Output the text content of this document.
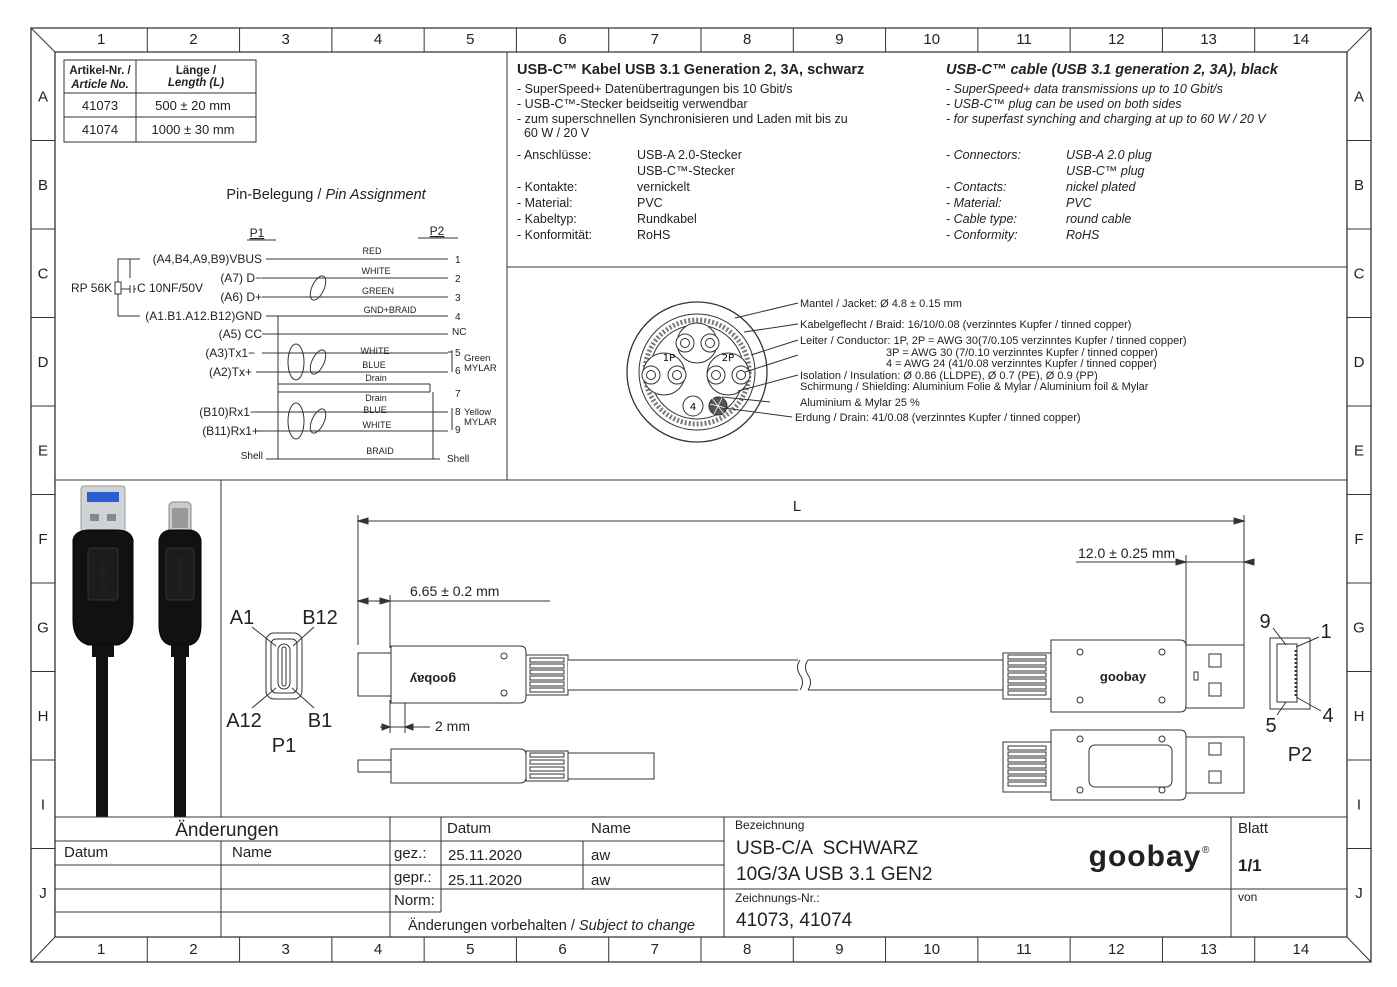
1
1
2
2
3
3
4
4
5
5
6
6
7
7
8
8
9
9
10
10
11
11
12
12
13
13
14
14
A	A
B	B
C	C
D	D
E	E
F	F
G	G
H	H
I	I
J	J
Artikel-Nr. /
Article No.
Länge /
Length (L)
41073	500 ± 20 mm
41074	1000 ± 30 mm
Pin-Belegung / Pin Assignment
P1	P2
(A4,B4,A9,B9)VBUS
(A7) D−
(A6) D+
(A1.B1.A12.B12)GND
(A5) CC
(A3)Tx1−
(A2)Tx+
(B10)Rx1−
(B11)Rx1+
Shell
RP 56K C 10NF/50V
RED
WHITE
GREEN
GND+BRAID
WHITE
BLUE
Drain
Drain
BLUE
WHITE
BRAID
1
2
3
4
NC
5
6
7
8
9
Shell
Green
MYLAR
Yellow
MYLAR
USB-C™ Kabel USB 3.1 Generation 2, 3A, schwarz
- SuperSpeed+ Datenübertragungen bis 10 Gbit/s
- USB-C™-Stecker beidseitig verwendbar
- zum superschnellen Synchronisieren und Laden mit bis zu
60 W / 20 V
- Anschlüsse:	USB-A 2.0-Stecker
USB-C™-Stecker
- Kontakte:	vernickelt
- Material:	PVC
- Kabeltyp:	Rundkabel
- Konformität:	RoHS
USB-C™ cable (USB 3.1 generation 2, 3A), black
- SuperSpeed+ data transmissions up to 10 Gbit/s
- USB-C™ plug can be used on both sides
- for superfast synching and charging at up to 60 W / 20 V
- Connectors:	USB-A 2.0 plug
USB-C™ plug
- Contacts:	nickel plated
- Material:	PVC
- Cable type:	round cable
- Conformity:	RoHS
1P	2P
4
Mantel / Jacket: Ø 4.8 ± 0.15 mm
Kabelgeflecht / Braid: 16/10/0.08 (verzinntes Kupfer / tinned copper)
Leiter / Conductor: 1P, 2P = AWG 30(7/0.105 verzinntes Kupfer / tinned copper)
3P = AWG 30 (7/0.10 verzinntes Kupfer / tinned copper)
4 = AWG 24 (41/0.08 verzinntes Kupfer / tinned copper)
Isolation / Insulation: Ø 0.86 (LLDPE), Ø 0.7 (PE), Ø 0.9 (PP)
Schirmung / Shielding: Aluminium Folie & Mylar / Aluminium foil & Mylar
Aluminium & Mylar 25 %
Erdung / Drain: 41/0.08 (verzinntes Kupfer / tinned copper)
goobay	goobay
L
12.0 ± 0.25 mm
6.65 ± 0.2 mm
2 mm
A1 B12
A12 B1
P1
9 1
5 4
P2
goobay	goobay
Änderungen
Datum	Name
Datum	Name
gez.: 25.11.2020	aw
gepr.: 25.11.2020	aw
Norm:
Änderungen vorbehalten / Subject to change
Bezeichnung
USB-C/A  SCHWARZ
10G/3A USB 3.1 GEN2
Zeichnungs-Nr.:
41073, 41074
Blatt
1/1
von
goobay ®
